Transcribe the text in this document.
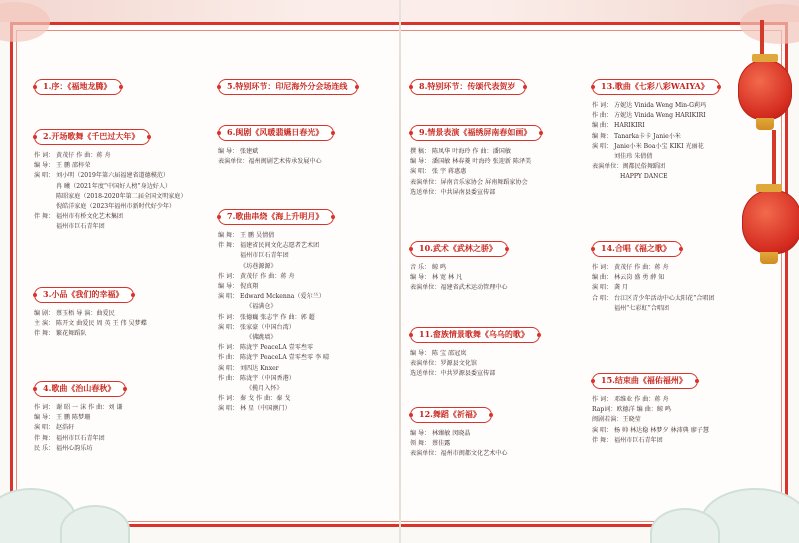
1.序：《福地龙腾》
2.开场歌舞《千巴过大年》
作 词： 黄茂仔 作 曲：蒋 舟
编 导： 王 鹏 邵梓荣
演 唱： 刘小明（2019年第六届福建省道德模范）
冉 曦（2021年度“中国好人榜”身边好人）
陈昭家庭（2018-2020年第二届全国文明家庭）
倪皓洋家庭（2023年福州市新时代好少年）
伴 舞： 福州市有桥文化艺术集团
福州市巨石青年团
3.小品《我们的幸福》
编 剧： 蔡玉梧 导 演：曲爱民
主 演： 陈开文 曲爱民 周 英 王 伟 吴梦蝶
伴 舞： 繁花舞蹈队
4.歌曲《治山春秋》
作 词： 谢 昭 一 沫 作 曲：刘 谦
编 导： 王 鹏 陈梦珊
演 唱： 赵浩轩
伴 舞： 福州市巨石青年团
民 乐： 福州心韵乐坊
5.特别环节：印尼海外分会场连线
6.闽剧《风暖翡嬿日春光》
编 导： 张建斌
表演单位：福州闽剧艺术传承发展中心
7.歌曲串烧《海上升明月》
编 舞： 王 鹏 吴情倩
伴 舞： 福建省民间文化志愿者艺术团
福州市巨石青年团
《坊巷源源》
作 词： 黄茂仔 作 曲：蒋 舟
编 导： 倪真翔
演 唱： Edward Mckenna（爱尔兰）
《福满仓》
作 词： 张德巍 张志宇 作 曲：郭 超
演 唱： 张家豪（中国台湾）
《佛跳墙》
作 词： 陈泷宇 PeaceLA 壹零叁零
作 曲： 陈泷宇 PeaceLA 壹零叁零 李 晴
演 唱： 刘四达 Knxer
作 曲： 陈泷宇（中国香港）
《揽月入怀》
作 词： 秦 戈 作 曲：秦 戈
演 唱： 林 星（中国澳门）
8.特别环节：传颂代表贺岁
9.情景表演《福绣屏南春如画》
撰 稿： 陈凤华 叶海玲 作 曲：潘国敏
编 导： 潘国敏 林春菱 叶海玲 张迎新 陈泽美
演 唱： 张 宇 蒋惠惠
表演单位：屏南音乐家协会 屏南舞蹈家协会
选送单位：中共屏南县委宣传部
10.武术《武林之骄》
音 乐： 鲸 鸣
编 导： 林 宽 林 凡
表演单位：福建省武术运动管理中心
11.畲族情景歌舞《乌乌的歌》
编 导： 陈 宝 邵冠岚
表演单位：罗源县文化馆
选送单位：中共罗源县委宣传部
12.舞蹈《祈福》
编 导： 林臻敏 闵晓晶
领 舞： 蔡佳露
表演单位：福州市闽都文化艺术中心
13.歌曲《七彩八彩WAIYA》
作 词： 方妮达 Vinida Weng Min-G莉玛
作 曲： 方妮达 Vinida Weng HARIKIRI
编 曲： HARIKIRI
编 舞： Tanarka卡卡 Janie小米
演 唱： Janie小米 Boa小宝 KIKI 光丽花
刘佳玮 朱倩倩
表演单位：闽都民俗舞蹈团
HAPPY DANCE
14.合唱《福之歌》
作 词： 黄茂仔 作 曲：蒋 舟
编 曲： 林云岗 盛 勇 薛 知
演 唱： 龚 月
合 唱： 台江区青少年活动中心太阳花”合唱团
福州“七彩虹”合唱团
15.结束曲《福佑福州》
作 词： 邓维业 作 曲：蒋 舟
Rap词：欧德洋 编 曲：鲸 鸣
闽剧若演：王晓莹
演 唱： 杨 帅 林达稳 林梦夕 林沛典 廖子慧
伴 舞： 福州市巨石青年团
